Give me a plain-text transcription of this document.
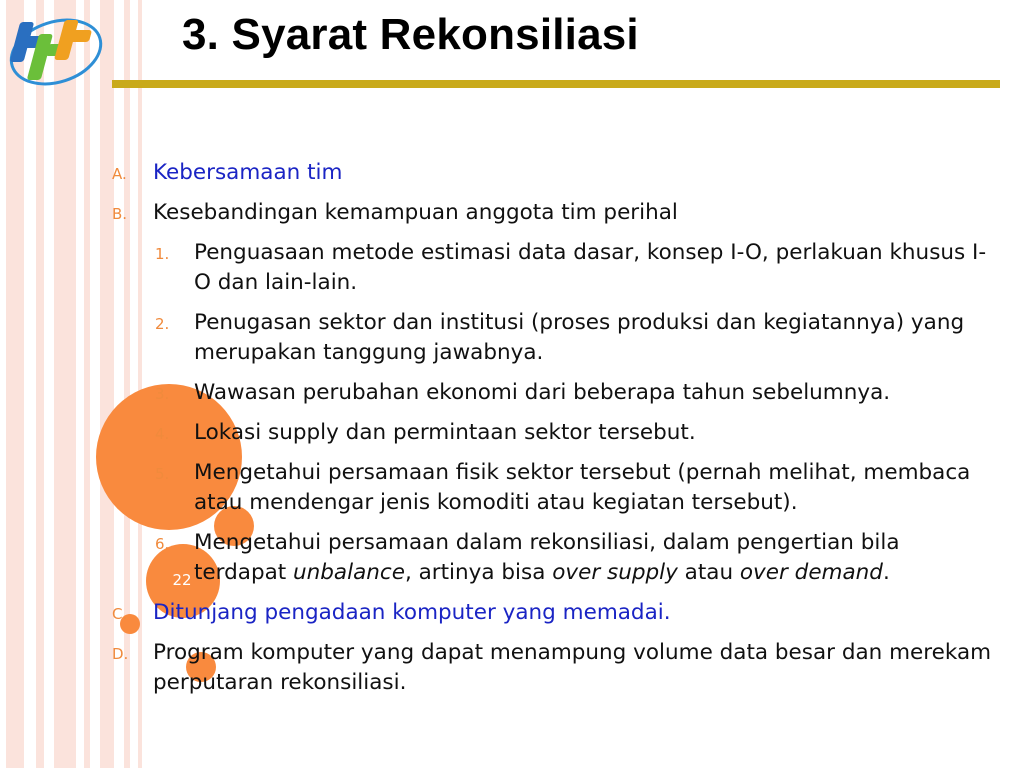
3. Syarat Rekonsiliasi
22
A. Kebersamaan tim
B. Kesebandingan kemampuan anggota tim perihal
1. Penguasaan metode estimasi data dasar, konsep I-O, perlakuan khusus I-O dan lain-lain.
2. Penugasan sektor dan institusi (proses produksi dan kegiatannya) yang merupakan tanggung jawabnya.
3. Wawasan perubahan ekonomi dari beberapa tahun sebelumnya.
4. Lokasi supply dan permintaan sektor tersebut.
5. Mengetahui persamaan fisik sektor tersebut (pernah melihat, membaca atau mendengar jenis komoditi atau kegiatan tersebut).
6. Mengetahui persamaan dalam rekonsiliasi, dalam pengertian bila terdapat unbalance, artinya bisa over supply atau over demand.
C. Ditunjang pengadaan komputer yang memadai.
D. Program komputer yang dapat menampung volume data besar dan merekam perputaran rekonsiliasi.
